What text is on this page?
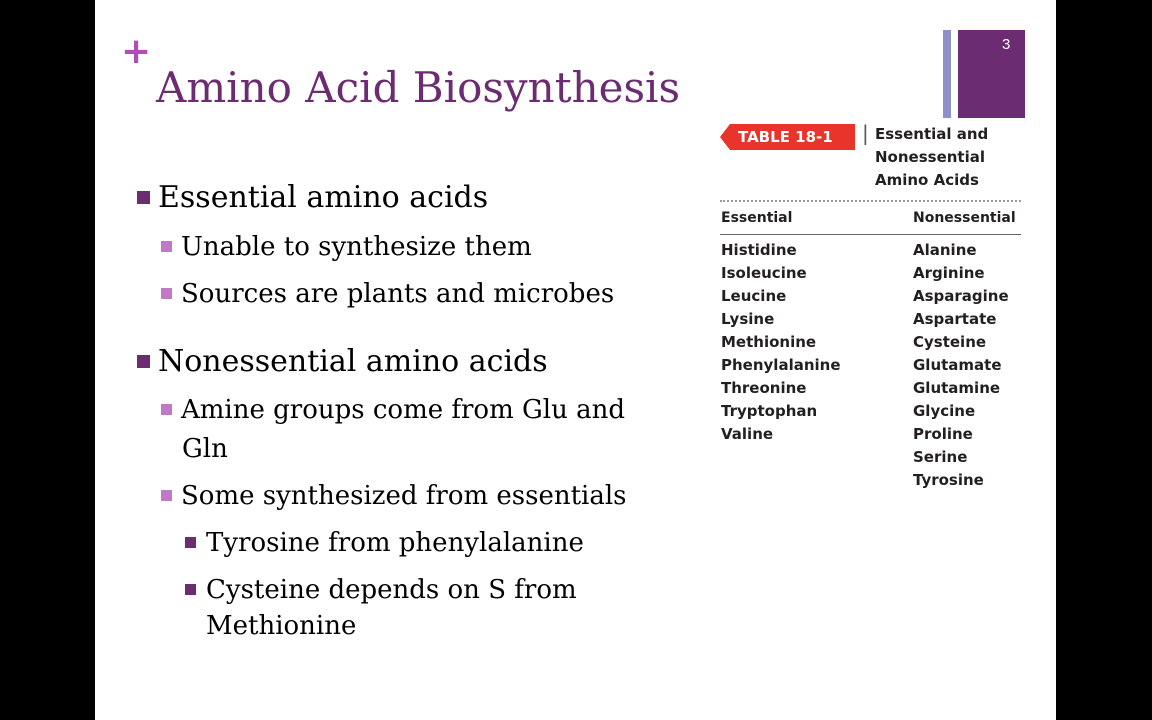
+
Amino Acid Biosynthesis
3
Essential amino acids
Unable to synthesize them
Sources are plants and microbes
Nonessential amino acids
Amine groups come from Glu and
Gln
Some synthesized from essentials
Tyrosine from phenylalanine
Cysteine depends on S from
Methionine
TABLE 18-1 | Essential and
Nonessential
Amino Acids
Essential	Nonessential
Histidine
Isoleucine
Leucine
Lysine
Methionine
Phenylalanine
Threonine
Tryptophan
Valine
Alanine
Arginine
Asparagine
Aspartate
Cysteine
Glutamate
Glutamine
Glycine
Proline
Serine
Tyrosine
